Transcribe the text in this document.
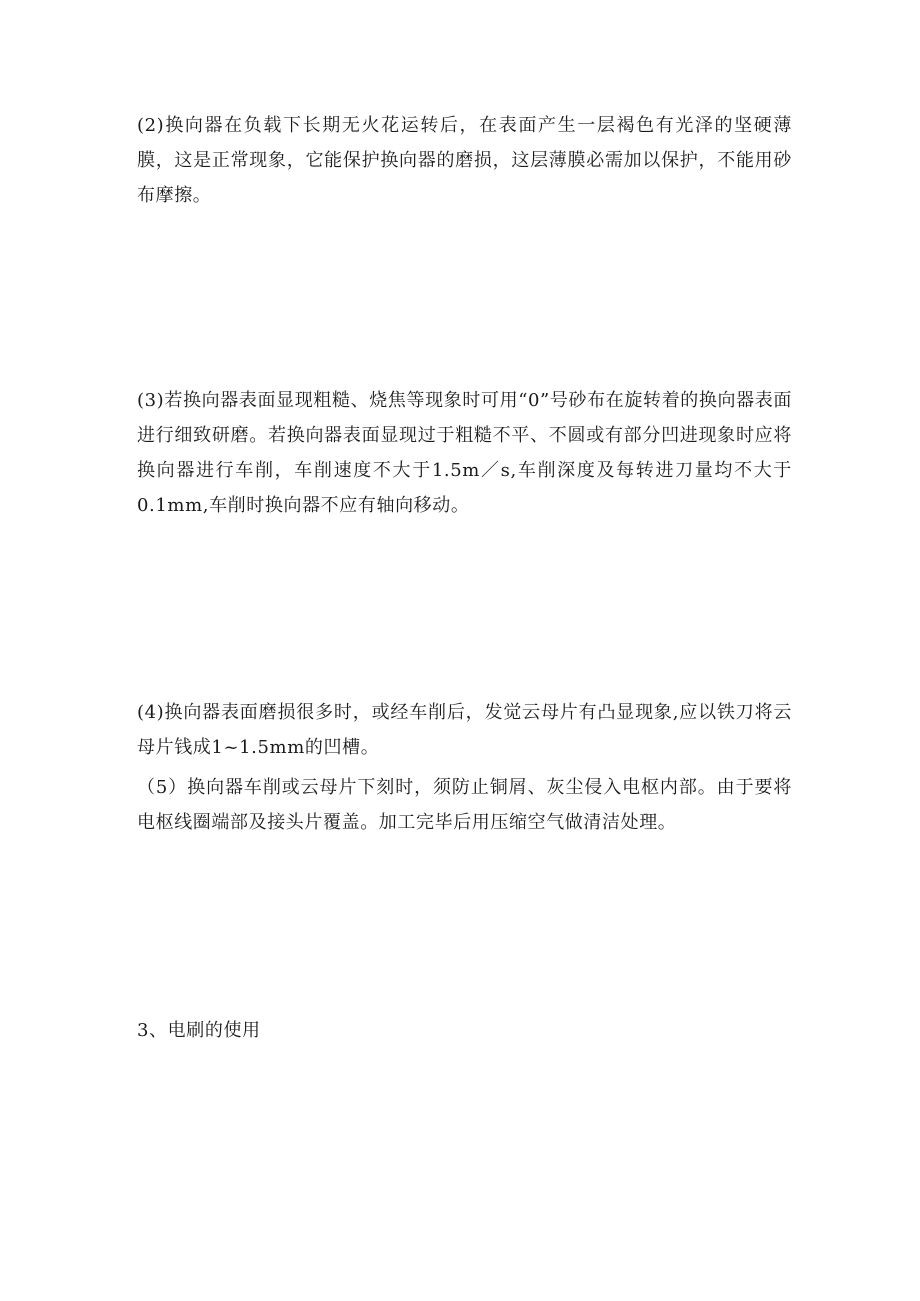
(2)换向器在负载下长期无火花运转后，在表面产生一层褐色有光泽的坚硬薄膜，这是正常现象，它能保护换向器的磨损，这层薄膜必需加以保护，不能用砂布摩擦。

(3)若换向器表面显现粗糙、烧焦等现象时可用“0”号砂布在旋转着的换向器表面进行细致研磨。若换向器表面显现过于粗糙不平、不圆或有部分凹进现象时应将换向器进行车削，车削速度不大于1.5m／s,车削深度及每转进刀量均不大于0.1mm,车削时换向器不应有轴向移动。

(4)换向器表面磨损很多时，或经车削后，发觉云母片有凸显现象,应以铁刀将云母片钱成1~1.5mm的凹槽。

（5）换向器车削或云母片下刻时，须防止铜屑、灰尘侵入电枢内部。由于要将电枢线圈端部及接头片覆盖。加工完毕后用压缩空气做清洁处理。

3、电刷的使用
